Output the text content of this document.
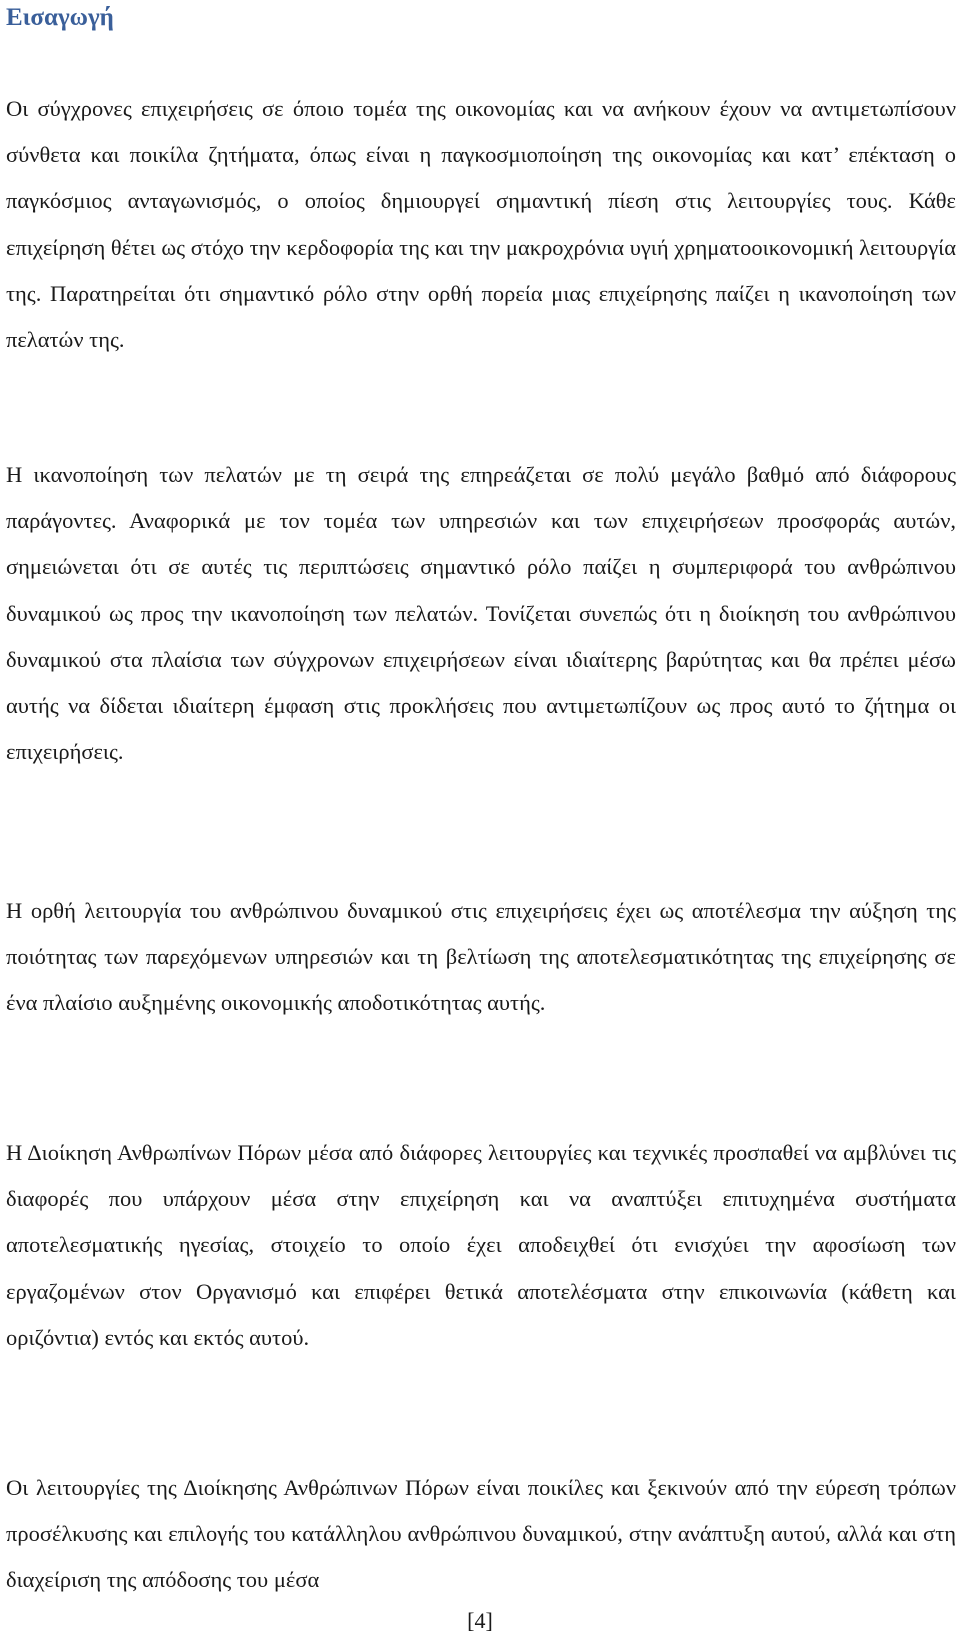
Εισαγωγή

Οι σύγχρονες επιχειρήσεις σε όποιο τομέα της οικονομίας και να ανήκουν έχουν να αντιμετωπίσουν σύνθετα και ποικίλα ζητήματα, όπως είναι η παγκοσμιοποίηση της οικονομίας και κατ’ επέκταση ο παγκόσμιος ανταγωνισμός, ο οποίος δημιουργεί σημαντική πίεση στις λειτουργίες τους. Κάθε επιχείρηση θέτει ως στόχο την κερδοφορία της και την μακροχρόνια υγιή χρηματοοικονομική λειτουργία της. Παρατηρείται ότι σημαντικό ρόλο στην ορθή πορεία μιας επιχείρησης παίζει η ικανοποίηση των πελατών της.

Η ικανοποίηση των πελατών με τη σειρά της επηρεάζεται σε πολύ μεγάλο βαθμό από διάφορους παράγοντες. Αναφορικά με τον τομέα των υπηρεσιών και των επιχειρήσεων προσφοράς αυτών, σημειώνεται ότι σε αυτές τις περιπτώσεις σημαντικό ρόλο παίζει η συμπεριφορά του ανθρώπινου δυναμικού ως προς την ικανοποίηση των πελατών. Τονίζεται συνεπώς ότι η διοίκηση του ανθρώπινου δυναμικού στα πλαίσια των σύγχρονων επιχειρήσεων είναι ιδιαίτερης βαρύτητας και θα πρέπει μέσω αυτής να δίδεται ιδιαίτερη έμφαση στις προκλήσεις που αντιμετωπίζουν ως προς αυτό το ζήτημα οι επιχειρήσεις.

Η ορθή λειτουργία του ανθρώπινου δυναμικού στις επιχειρήσεις έχει ως αποτέλεσμα την αύξηση της ποιότητας των παρεχόμενων υπηρεσιών και τη βελτίωση της αποτελεσματικότητας της επιχείρησης σε ένα πλαίσιο αυξημένης οικονομικής αποδοτικότητας αυτής.

Η Διοίκηση Ανθρωπίνων Πόρων μέσα από διάφορες λειτουργίες και τεχνικές προσπαθεί να αμβλύνει τις διαφορές που υπάρχουν μέσα στην επιχείρηση και να αναπτύξει επιτυχημένα συστήματα αποτελεσματικής ηγεσίας, στοιχείο το οποίο έχει αποδειχθεί ότι ενισχύει την αφοσίωση των εργαζομένων στον Οργανισμό και επιφέρει θετικά αποτελέσματα στην επικοινωνία (κάθετη και οριζόντια) εντός και εκτός αυτού.

Οι λειτουργίες της Διοίκησης Ανθρώπινων Πόρων είναι ποικίλες και ξεκινούν από την εύρεση τρόπων προσέλκυσης και επιλογής του κατάλληλου ανθρώπινου δυναμικού, στην ανάπτυξη αυτού, αλλά και στη διαχείριση της απόδοσης του μέσα

[4]
